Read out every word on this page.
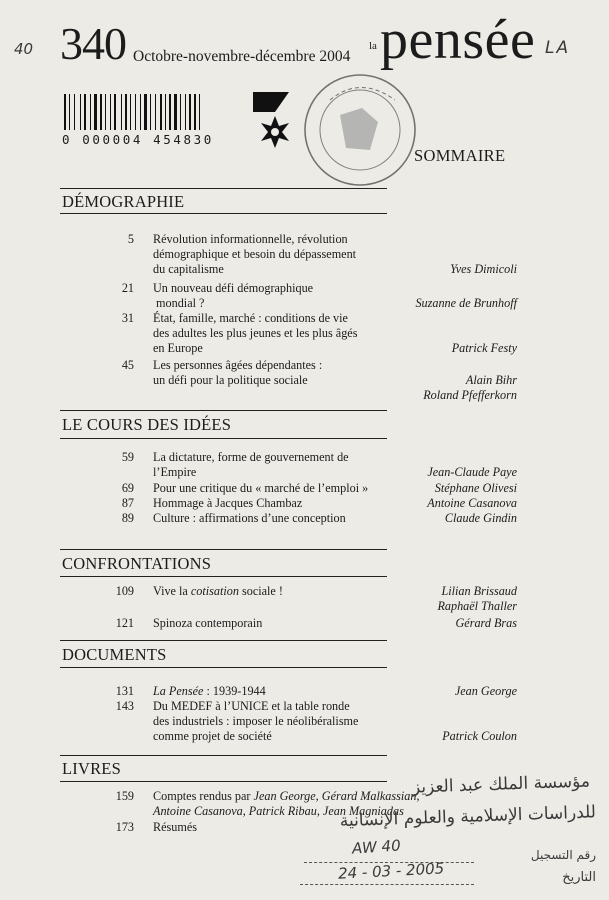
40 340 Octobre-novembre-décembre 2004
la pensée LA
0 000004 454830
SOMMAIRE
DÉMOGRAPHIE
5 Révolution informationnelle, révolution
démographique et besoin du dépassement
du capitalisme	Yves Dimicoli
21 Un nouveau défi démographique
mondial ?	Suzanne de Brunhoff
31 État, famille, marché : conditions de vie
des adultes les plus jeunes et les plus âgés
en Europe	Patrick Festy
45 Les personnes âgées dépendantes :
un défi pour la politique sociale	Alain Bihr
Roland Pfefferkorn
LE COURS DES IDÉES
59 La dictature, forme de gouvernement de
l’Empire	Jean-Claude Paye
69 Pour une critique du « marché de l’emploi »	Stéphane Olivesi
87 Hommage à Jacques Chambaz	Antoine Casanova
89 Culture : affirmations d’une conception	Claude Gindin
CONFRONTATIONS
109 Vive la cotisation sociale !	Lilian Brissaud
Raphaël Thaller
121 Spinoza contemporain	Gérard Bras
DOCUMENTS
131 La Pensée : 1939-1944	Jean George
143 Du MEDEF à l’UNICE et la table ronde
des industriels : imposer le néolibéralisme
comme projet de société	Patrick Coulon
LIVRES
159 Comptes rendus par Jean George, Gérard Malkassian,
Antoine Casanova, Patrick Ribau, Jean Magniadas
173 Résumés
مؤسسة الملك عبد العزيز
للدراسات الإسلامية والعلوم الإنسانية
رقم التسجيل
AW 40
التاريخ
24 - 03 - 2005
